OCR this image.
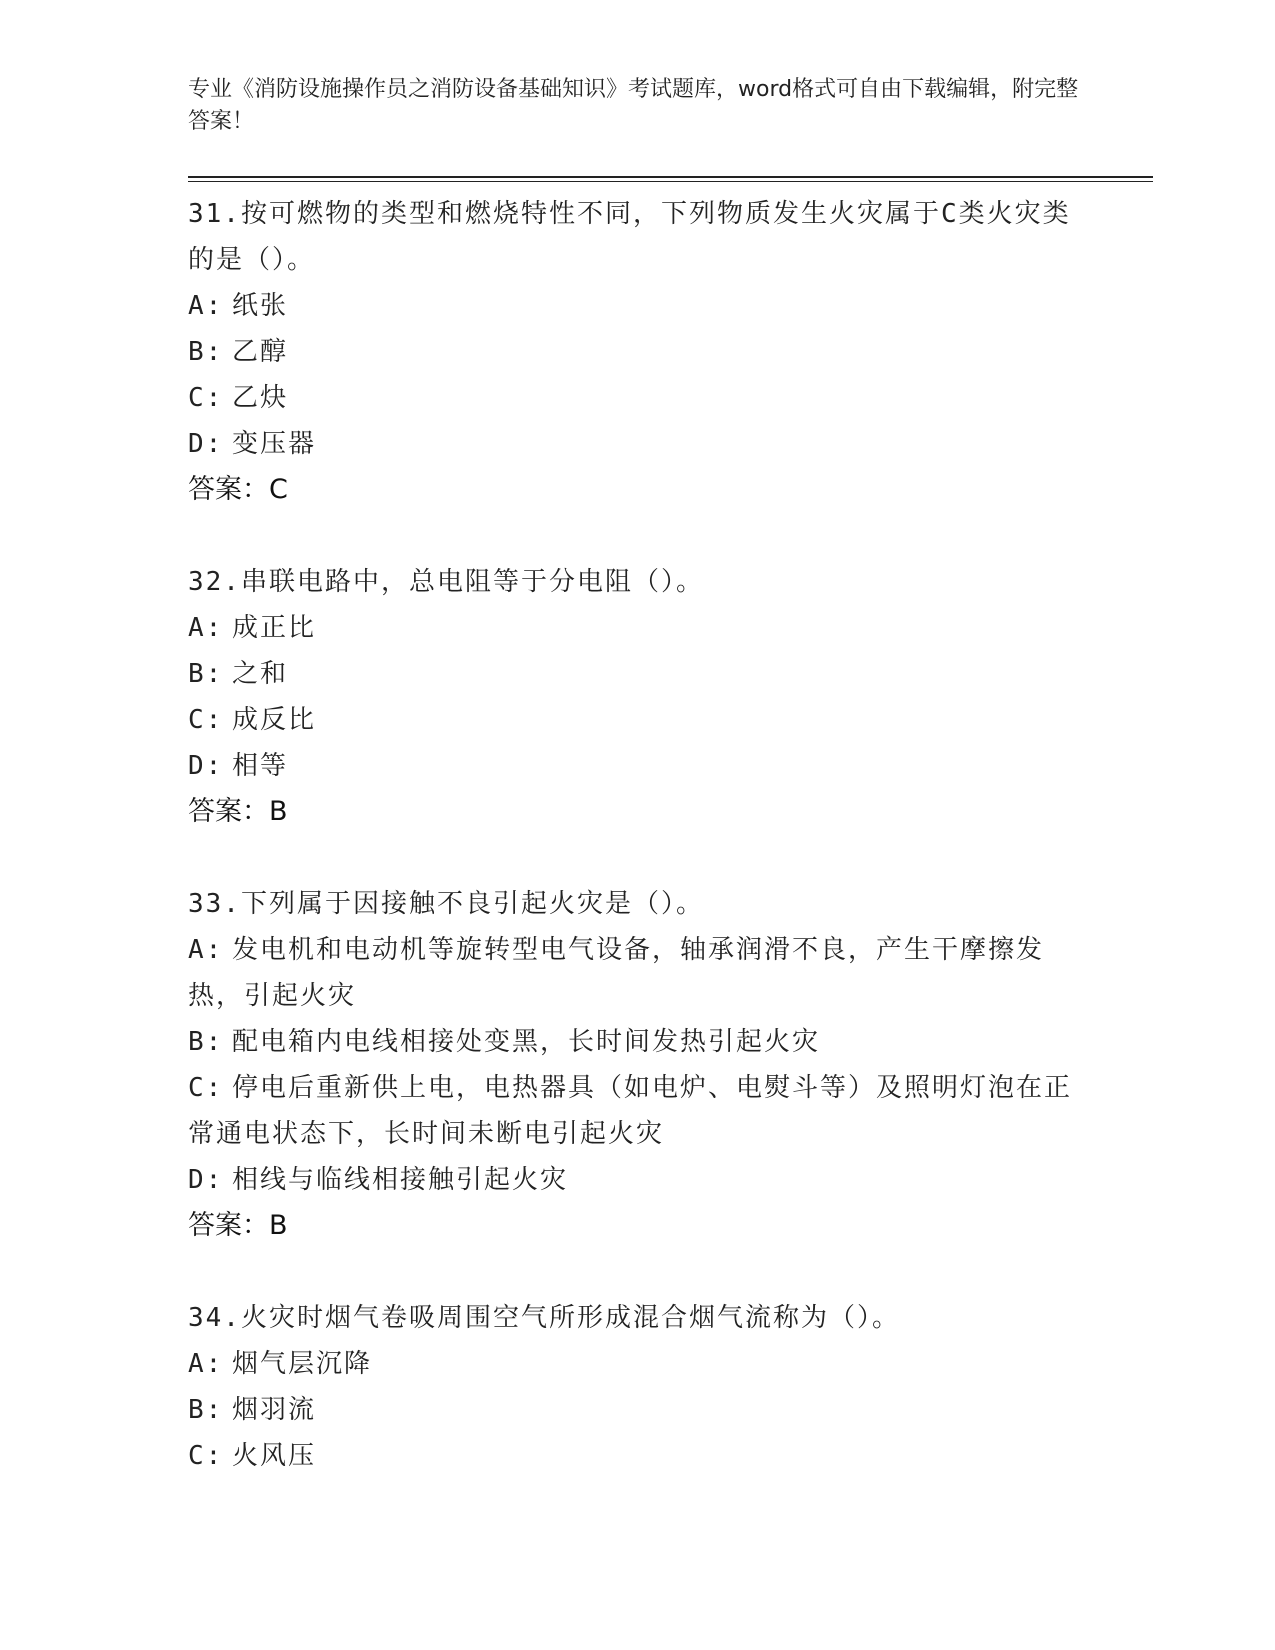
专业《消防设施操作员之消防设备基础知识》考试题库，word格式可自由下载编辑，附完整答案！
31.按可燃物的类型和燃烧特性不同，下列物质发生火灾属于C类火灾类的是（）。
A: 纸张
B: 乙醇
C: 乙炔
D: 变压器
答案：C
32.串联电路中，总电阻等于分电阻（）。
A: 成正比
B: 之和
C: 成反比
D: 相等
答案：B
33.下列属于因接触不良引起火灾是（）。
A: 发电机和电动机等旋转型电气设备，轴承润滑不良，产生干摩擦发热，引起火灾
B: 配电箱内电线相接处变黑，长时间发热引起火灾
C: 停电后重新供上电，电热器具（如电炉、电熨斗等）及照明灯泡在正常通电状态下，长时间未断电引起火灾
D: 相线与临线相接触引起火灾
答案：B
34.火灾时烟气卷吸周围空气所形成混合烟气流称为（）。
A: 烟气层沉降
B: 烟羽流
C: 火风压
